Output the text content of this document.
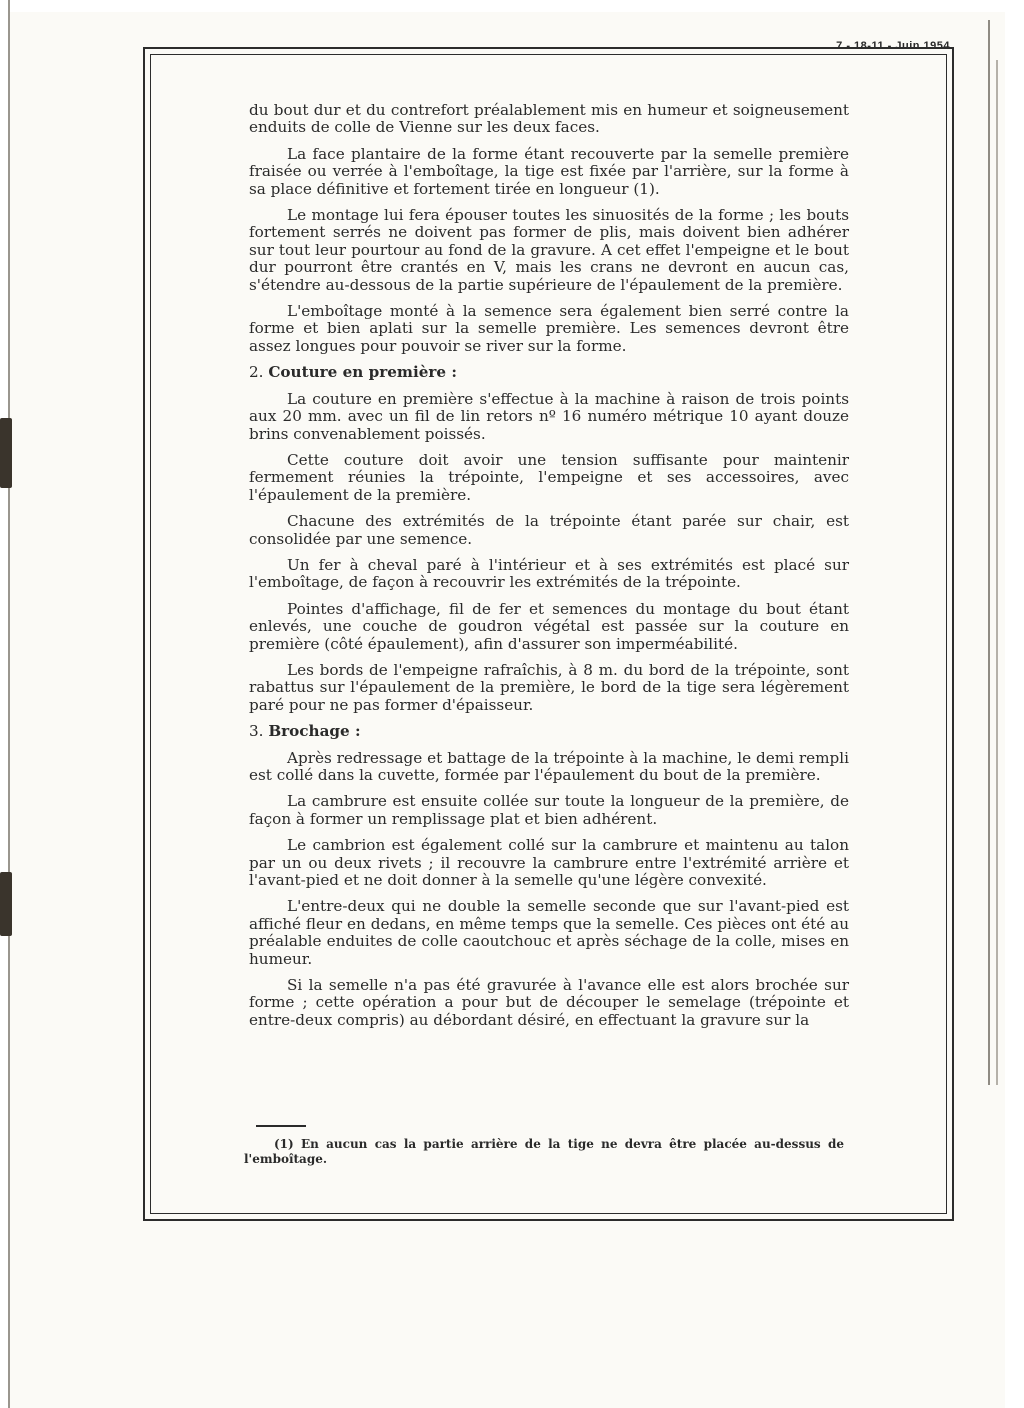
7 - 18-11 - Juin 1954

du bout dur et du contrefort préalablement mis en humeur et soigneusement enduits de colle de Vienne sur les deux faces.

La face plantaire de la forme étant recouverte par la semelle première fraisée ou verrée à l'emboîtage, la tige est fixée par l'arrière, sur la forme à sa place définitive et fortement tirée en longueur (1).

Le montage lui fera épouser toutes les sinuosités de la forme ; les bouts fortement serrés ne doivent pas former de plis, mais doivent bien adhérer sur tout leur pourtour au fond de la gravure. A cet effet l'empeigne et le bout dur pourront être crantés en V, mais les crans ne devront en aucun cas, s'étendre au-dessous de la partie supérieure de l'épaulement de la première.

L'emboîtage monté à la semence sera également bien serré contre la forme et bien aplati sur la semelle première. Les semences devront être assez longues pour pouvoir se river sur la forme.

2. Couture en première :

La couture en première s'effectue à la machine à raison de trois points aux 20 mm. avec un fil de lin retors nº 16 numéro métrique 10 ayant douze brins convenablement poissés.

Cette couture doit avoir une tension suffisante pour maintenir fermement réunies la trépointe, l'empeigne et ses accessoires, avec l'épaulement de la première.

Chacune des extrémités de la trépointe étant parée sur chair, est consolidée par une semence.

Un fer à cheval paré à l'intérieur et à ses extrémités est placé sur l'emboîtage, de façon à recouvrir les extrémités de la trépointe.

Pointes d'affichage, fil de fer et semences du montage du bout étant enlevés, une couche de goudron végétal est passée sur la couture en première (côté épaulement), afin d'assurer son imperméabilité.

Les bords de l'empeigne rafraîchis, à 8 m. du bord de la trépointe, sont rabattus sur l'épaulement de la première, le bord de la tige sera légèrement paré pour ne pas former d'épaisseur.

3. Brochage :

Après redressage et battage de la trépointe à la machine, le demi rempli est collé dans la cuvette, formée par l'épaulement du bout de la première.

La cambrure est ensuite collée sur toute la longueur de la première, de façon à former un remplissage plat et bien adhérent.

Le cambrion est également collé sur la cambrure et maintenu au talon par un ou deux rivets ; il recouvre la cambrure entre l'extrémité arrière et l'avant-pied et ne doit donner à la semelle qu'une légère convexité.

L'entre-deux qui ne double la semelle seconde que sur l'avant-pied est affiché fleur en dedans, en même temps que la semelle. Ces pièces ont été au préalable enduites de colle caoutchouc et après séchage de la colle, mises en humeur.

Si la semelle n'a pas été gravurée à l'avance elle est alors brochée sur forme ; cette opération a pour but de découper le semelage (trépointe et entre-deux compris) au débordant désiré, en effectuant la gravure sur la

(1) En aucun cas la partie arrière de la tige ne devra être placée au-dessus de l'emboîtage.
